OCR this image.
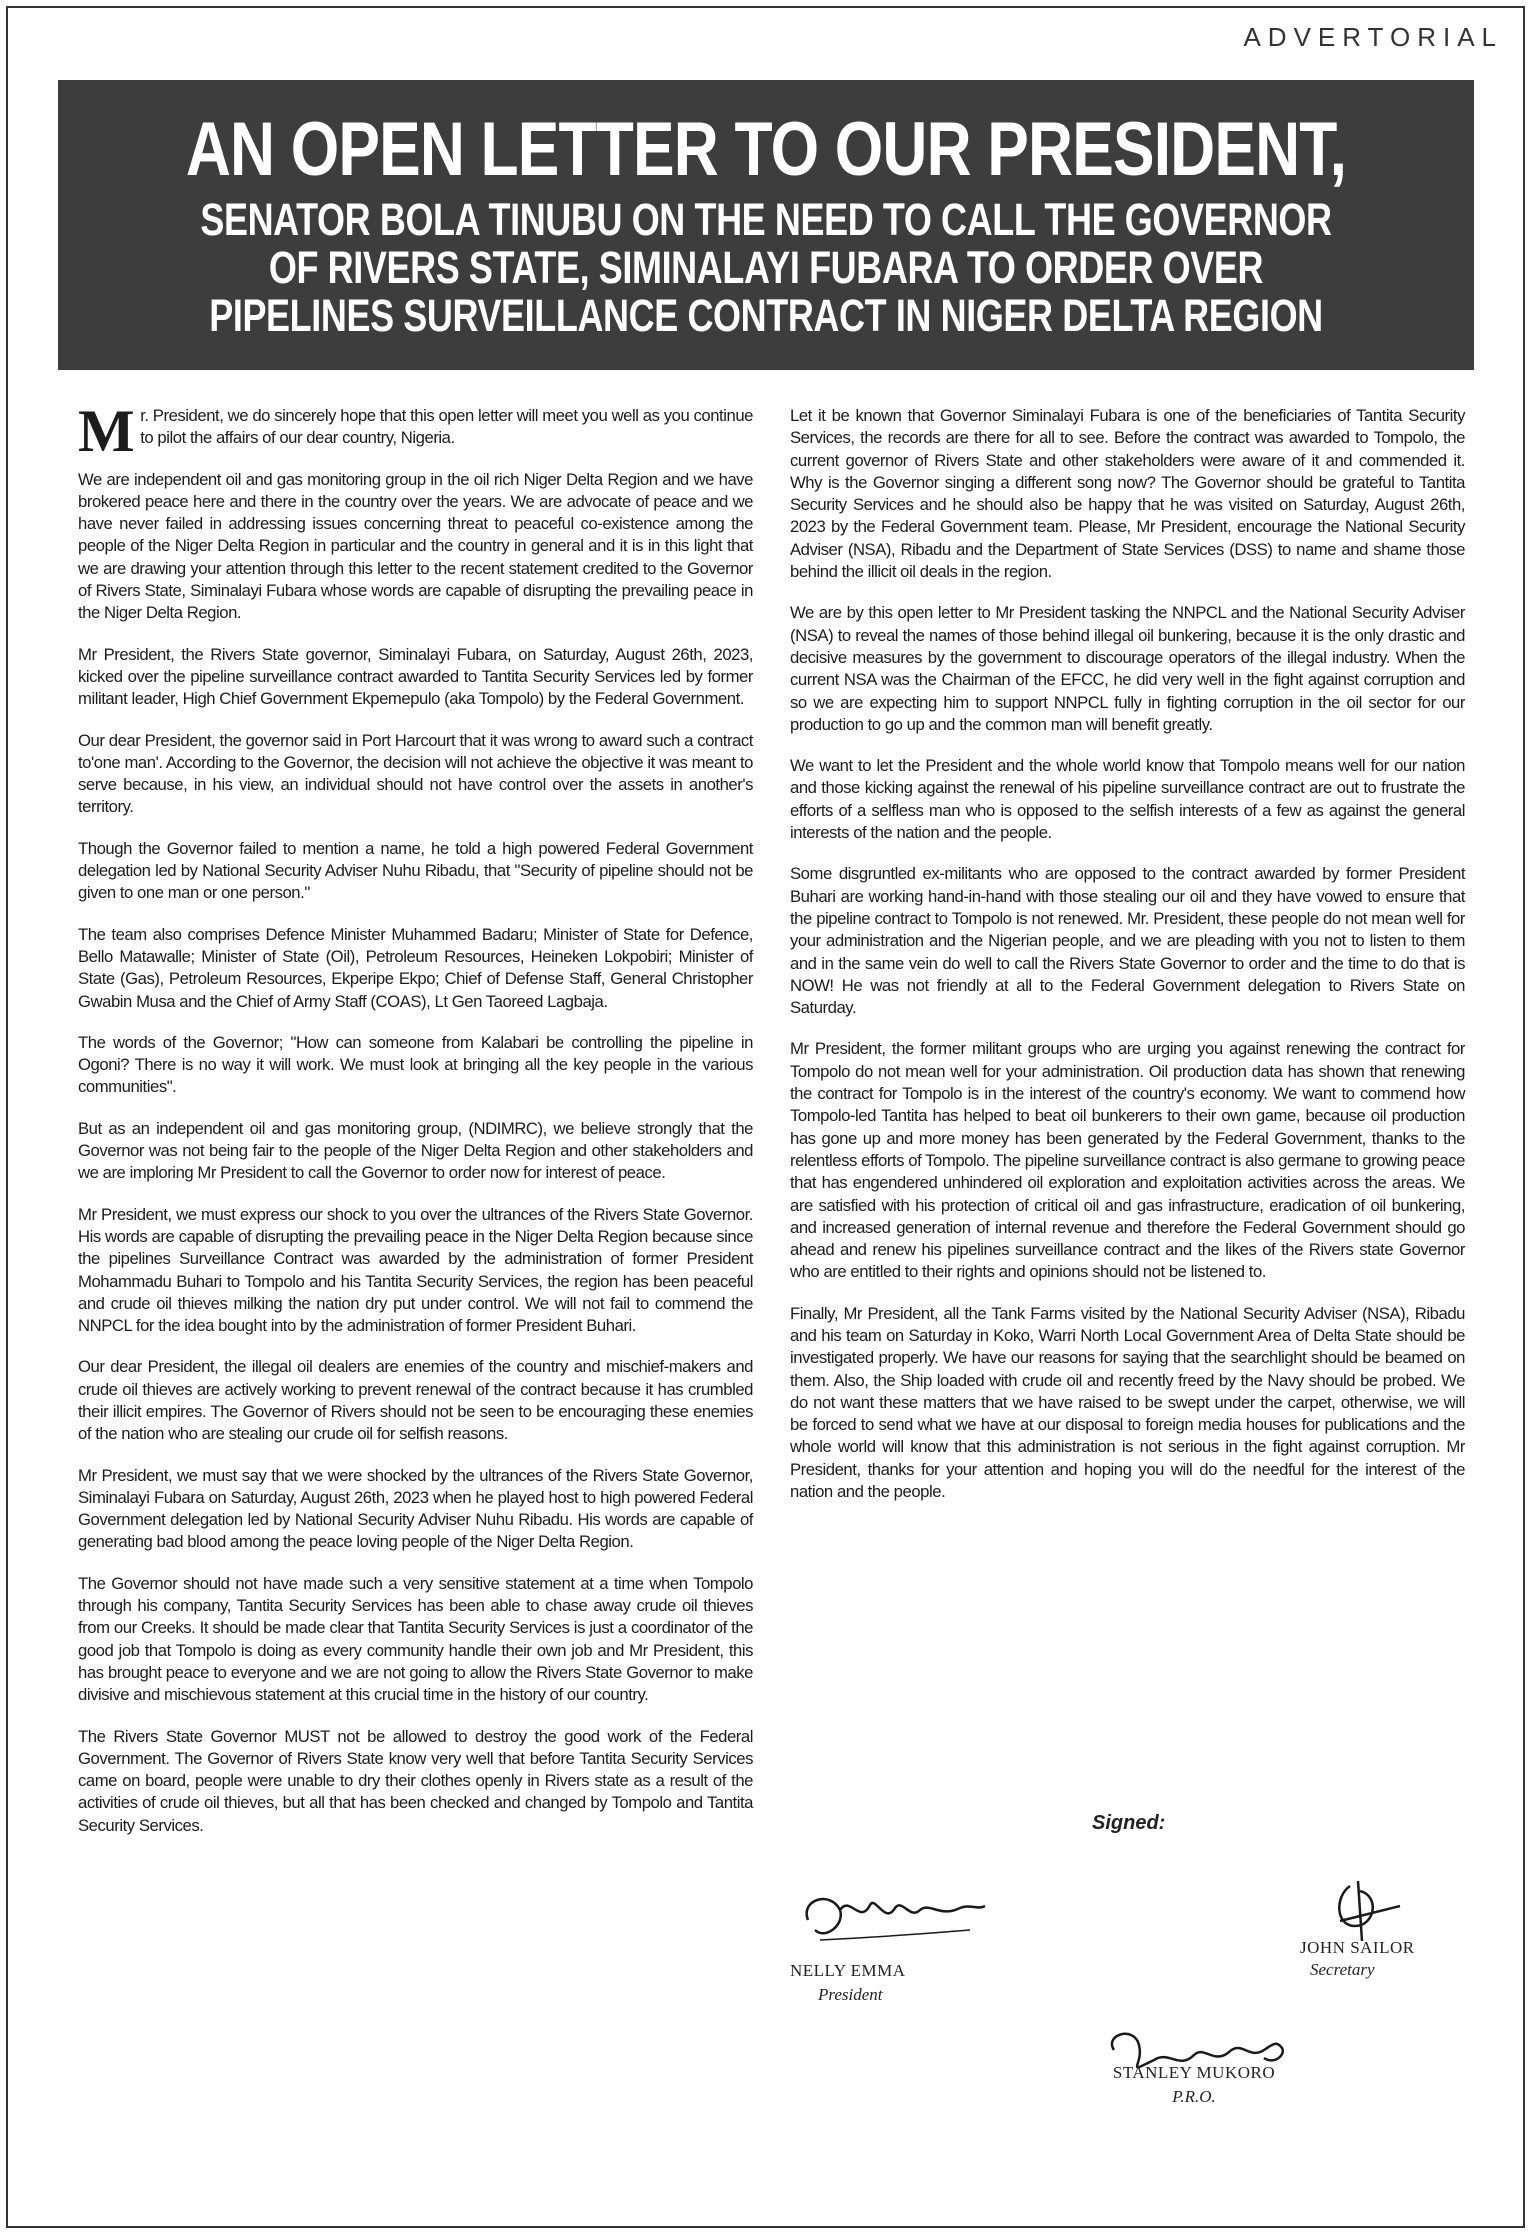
ADVERTORIAL
AN OPEN LETTER TO OUR PRESIDENT,
SENATOR BOLA TINUBU ON THE NEED TO CALL THE GOVERNOR
OF RIVERS STATE, SIMINALAYI FUBARA TO ORDER OVER
PIPELINES SURVEILLANCE CONTRACT IN NIGER DELTA REGION

Mr. President, we do sincerely hope that this open letter will meet you well as you continue to pilot the affairs of our dear country, Nigeria.

We are independent oil and gas monitoring group in the oil rich Niger Delta Region and we have brokered peace here and there in the country over the years. We are advocate of peace and we have never failed in addressing issues concerning threat to peaceful co-existence among the people of the Niger Delta Region in particular and the country in general and it is in this light that we are drawing your attention through this letter to the recent statement credited to the Governor of Rivers State, Siminalayi Fubara whose words are capable of disrupting the prevailing peace in the Niger Delta Region.

Mr President, the Rivers State governor, Siminalayi Fubara, on Saturday, August 26th, 2023, kicked over the pipeline surveillance contract awarded to Tantita Security Services led by former militant leader, High Chief Government Ekpemepulo (aka Tompolo) by the Federal Government.

Our dear President, the governor said in Port Harcourt that it was wrong to award such a contract to'one man'. According to the Governor, the decision will not achieve the objective it was meant to serve because, in his view, an individual should not have control over the assets in another's territory.

Though the Governor failed to mention a name, he told a high powered Federal Government delegation led by National Security Adviser Nuhu Ribadu, that "Security of pipeline should not be given to one man or one person."

The team also comprises Defence Minister Muhammed Badaru; Minister of State for Defence, Bello Matawalle; Minister of State (Oil), Petroleum Resources, Heineken Lokpobiri; Minister of State (Gas), Petroleum Resources, Ekperipe Ekpo; Chief of Defense Staff, General Christopher Gwabin Musa and the Chief of Army Staff (COAS), Lt Gen Taoreed Lagbaja.

The words of the Governor; "How can someone from Kalabari be controlling the pipeline in Ogoni? There is no way it will work. We must look at bringing all the key people in the various communities".

But as an independent oil and gas monitoring group, (NDIMRC), we believe strongly that the Governor was not being fair to the people of the Niger Delta Region and other stakeholders and we are imploring Mr President to call the Governor to order now for interest of peace.

Mr President, we must express our shock to you over the ultrances of the Rivers State Governor. His words are capable of disrupting the prevailing peace in the Niger Delta Region because since the pipelines Surveillance Contract was awarded by the administration of former President Mohammadu Buhari to Tompolo and his Tantita Security Services, the region has been peaceful and crude oil thieves milking the nation dry put under control. We will not fail to commend the NNPCL for the idea bought into by the administration of former President Buhari.

Our dear President, the illegal oil dealers are enemies of the country and mischief-makers and crude oil thieves are actively working to prevent renewal of the contract because it has crumbled their illicit empires. The Governor of Rivers should not be seen to be encouraging these enemies of the nation who are stealing our crude oil for selfish reasons.

Mr President, we must say that we were shocked by the ultrances of the Rivers State Governor, Siminalayi Fubara on Saturday, August 26th, 2023 when he played host to high powered Federal Government delegation led by National Security Adviser Nuhu Ribadu. His words are capable of generating bad blood among the peace loving people of the Niger Delta Region.

The Governor should not have made such a very sensitive statement at a time when Tompolo through his company, Tantita Security Services has been able to chase away crude oil thieves from our Creeks. It should be made clear that Tantita Security Services is just a coordinator of the good job that Tompolo is doing as every community handle their own job and Mr President, this has brought peace to everyone and we are not going to allow the Rivers State Governor to make divisive and mischievous statement at this crucial time in the history of our country.

The Rivers State Governor MUST not be allowed to destroy the good work of the Federal Government. The Governor of Rivers State know very well that before Tantita Security Services came on board, people were unable to dry their clothes openly in Rivers state as a result of the activities of crude oil thieves, but all that has been checked and changed by Tompolo and Tantita Security Services.

Let it be known that Governor Siminalayi Fubara is one of the beneficiaries of Tantita Security Services, the records are there for all to see. Before the contract was awarded to Tompolo, the current governor of Rivers State and other stakeholders were aware of it and commended it. Why is the Governor singing a different song now? The Governor should be grateful to Tantita Security Services and he should also be happy that he was visited on Saturday, August 26th, 2023 by the Federal Government team. Please, Mr President, encourage the National Security Adviser (NSA), Ribadu and the Department of State Services (DSS) to name and shame those behind the illicit oil deals in the region.

We are by this open letter to Mr President tasking the NNPCL and the National Security Adviser (NSA) to reveal the names of those behind illegal oil bunkering, because it is the only drastic and decisive measures by the government to discourage operators of the illegal industry. When the current NSA was the Chairman of the EFCC, he did very well in the fight against corruption and so we are expecting him to support NNPCL fully in fighting corruption in the oil sector for our production to go up and the common man will benefit greatly.

We want to let the President and the whole world know that Tompolo means well for our nation and those kicking against the renewal of his pipeline surveillance contract are out to frustrate the efforts of a selfless man who is opposed to the selfish interests of a few as against the general interests of the nation and the people.

Some disgruntled ex-militants who are opposed to the contract awarded by former President Buhari are working hand-in-hand with those stealing our oil and they have vowed to ensure that the pipeline contract to Tompolo is not renewed. Mr. President, these people do not mean well for your administration and the Nigerian people, and we are pleading with you not to listen to them and in the same vein do well to call the Rivers State Governor to order and the time to do that is NOW! He was not friendly at all to the Federal Government delegation to Rivers State on Saturday.

Mr President, the former militant groups who are urging you against renewing the contract for Tompolo do not mean well for your administration. Oil production data has shown that renewing the contract for Tompolo is in the interest of the country's economy. We want to commend how Tompolo-led Tantita has helped to beat oil bunkerers to their own game, because oil production has gone up and more money has been generated by the Federal Government, thanks to the relentless efforts of Tompolo. The pipeline surveillance contract is also germane to growing peace that has engendered unhindered oil exploration and exploitation activities across the areas. We are satisfied with his protection of critical oil and gas infrastructure, eradication of oil bunkering, and increased generation of internal revenue and therefore the Federal Government should go ahead and renew his pipelines surveillance contract and the likes of the Rivers state Governor who are entitled to their rights and opinions should not be listened to.

Finally, Mr President, all the Tank Farms visited by the National Security Adviser (NSA), Ribadu and his team on Saturday in Koko, Warri North Local Government Area of Delta State should be investigated properly. We have our reasons for saying that the searchlight should be beamed on them. Also, the Ship loaded with crude oil and recently freed by the Navy should be probed. We do not want these matters that we have raised to be swept under the carpet, otherwise, we will be forced to send what we have at our disposal to foreign media houses for publications and the whole world will know that this administration is not serious in the fight against corruption. Mr President, thanks for your attention and hoping you will do the needful for the interest of the nation and the people.

Signed:
NELLY EMMA
President
JOHN SAILOR
Secretary
STANLEY MUKORO
P.R.O.
